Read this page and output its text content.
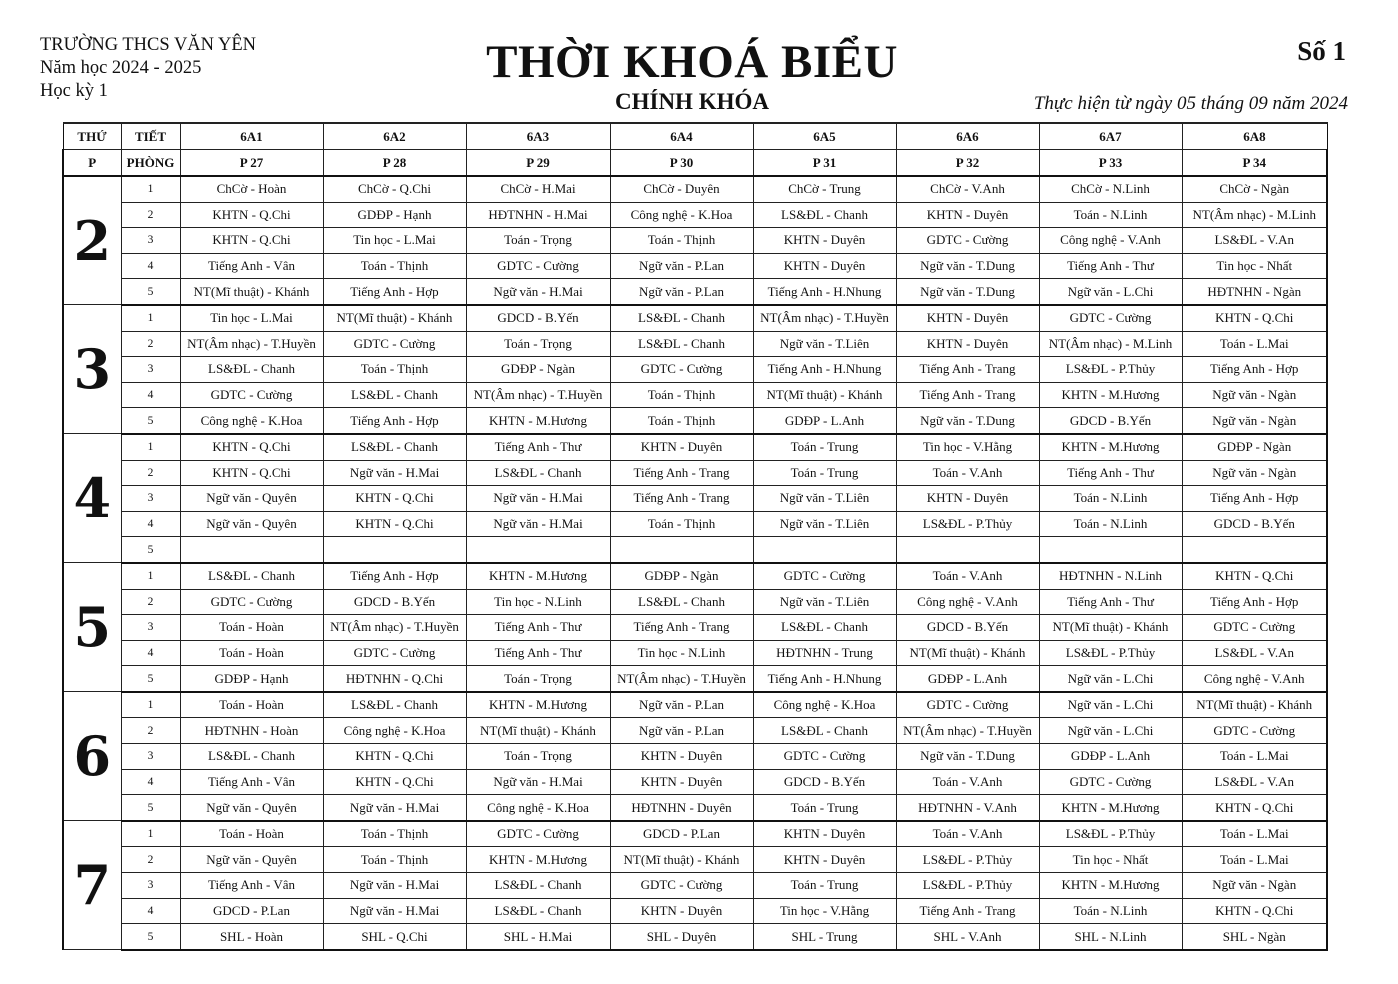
TRƯỜNG THCS VĂN YÊN
Năm học 2024 - 2025
Học kỳ 1
THỜI KHOÁ BIỂU
CHÍNH KHÓA
Số 1
Thực hiện từ ngày 05 tháng 09 năm 2024
THỨ	TIẾT	6A1	6A2	6A3	6A4	6A5	6A6	6A7	6A8
P	PHÒNG	P 27	P 28	P 29	P 30	P 31	P 32	P 33	P 34
2	1	ChCờ - Hoàn	ChCờ - Q.Chi	ChCờ - H.Mai	ChCờ - Duyên	ChCờ - Trung	ChCờ - V.Anh	ChCờ - N.Linh	ChCờ - Ngàn
	2	KHTN - Q.Chi	GDĐP - Hạnh	HĐTNHN - H.Mai	Công nghệ - K.Hoa	LS&ĐL - Chanh	KHTN - Duyên	Toán - N.Linh	NT(Âm nhạc) - M.Linh
	3	KHTN - Q.Chi	Tin học - L.Mai	Toán - Trọng	Toán - Thịnh	KHTN - Duyên	GDTC - Cường	Công nghệ - V.Anh	LS&ĐL - V.An
	4	Tiếng Anh - Vân	Toán - Thịnh	GDTC - Cường	Ngữ văn - P.Lan	KHTN - Duyên	Ngữ văn - T.Dung	Tiếng Anh - Thư	Tin học - Nhất
	5	NT(Mĩ thuật) - Khánh	Tiếng Anh - Hợp	Ngữ văn - H.Mai	Ngữ văn - P.Lan	Tiếng Anh - H.Nhung	Ngữ văn - T.Dung	Ngữ văn - L.Chi	HĐTNHN - Ngàn
3	1	Tin học - L.Mai	NT(Mĩ thuật) - Khánh	GDCD - B.Yến	LS&ĐL - Chanh	NT(Âm nhạc) - T.Huyền	KHTN - Duyên	GDTC - Cường	KHTN - Q.Chi
	2	NT(Âm nhạc) - T.Huyền	GDTC - Cường	Toán - Trọng	LS&ĐL - Chanh	Ngữ văn - T.Liên	KHTN - Duyên	NT(Âm nhạc) - M.Linh	Toán - L.Mai
	3	LS&ĐL - Chanh	Toán - Thịnh	GDĐP - Ngàn	GDTC - Cường	Tiếng Anh - H.Nhung	Tiếng Anh - Trang	LS&ĐL - P.Thủy	Tiếng Anh - Hợp
	4	GDTC - Cường	LS&ĐL - Chanh	NT(Âm nhạc) - T.Huyền	Toán - Thịnh	NT(Mĩ thuật) - Khánh	Tiếng Anh - Trang	KHTN - M.Hương	Ngữ văn - Ngàn
	5	Công nghệ - K.Hoa	Tiếng Anh - Hợp	KHTN - M.Hương	Toán - Thịnh	GDĐP - L.Anh	Ngữ văn - T.Dung	GDCD - B.Yến	Ngữ văn - Ngàn
4	1	KHTN - Q.Chi	LS&ĐL - Chanh	Tiếng Anh - Thư	KHTN - Duyên	Toán - Trung	Tin học - V.Hằng	KHTN - M.Hương	GDĐP - Ngàn
	2	KHTN - Q.Chi	Ngữ văn - H.Mai	LS&ĐL - Chanh	Tiếng Anh - Trang	Toán - Trung	Toán - V.Anh	Tiếng Anh - Thư	Ngữ văn - Ngàn
	3	Ngữ văn - Quyên	KHTN - Q.Chi	Ngữ văn - H.Mai	Tiếng Anh - Trang	Ngữ văn - T.Liên	KHTN - Duyên	Toán - N.Linh	Tiếng Anh - Hợp
	4	Ngữ văn - Quyên	KHTN - Q.Chi	Ngữ văn - H.Mai	Toán - Thịnh	Ngữ văn - T.Liên	LS&ĐL - P.Thủy	Toán - N.Linh	GDCD - B.Yến
	5								
5	1	LS&ĐL - Chanh	Tiếng Anh - Hợp	KHTN - M.Hương	GDĐP - Ngàn	GDTC - Cường	Toán - V.Anh	HĐTNHN - N.Linh	KHTN - Q.Chi
	2	GDTC - Cường	GDCD - B.Yến	Tin học - N.Linh	LS&ĐL - Chanh	Ngữ văn - T.Liên	Công nghệ - V.Anh	Tiếng Anh - Thư	Tiếng Anh - Hợp
	3	Toán - Hoàn	NT(Âm nhạc) - T.Huyền	Tiếng Anh - Thư	Tiếng Anh - Trang	LS&ĐL - Chanh	GDCD - B.Yến	NT(Mĩ thuật) - Khánh	GDTC - Cường
	4	Toán - Hoàn	GDTC - Cường	Tiếng Anh - Thư	Tin học - N.Linh	HĐTNHN - Trung	NT(Mĩ thuật) - Khánh	LS&ĐL - P.Thủy	LS&ĐL - V.An
	5	GDĐP - Hạnh	HĐTNHN - Q.Chi	Toán - Trọng	NT(Âm nhạc) - T.Huyền	Tiếng Anh - H.Nhung	GDĐP - L.Anh	Ngữ văn - L.Chi	Công nghệ - V.Anh
6	1	Toán - Hoàn	LS&ĐL - Chanh	KHTN - M.Hương	Ngữ văn - P.Lan	Công nghệ - K.Hoa	GDTC - Cường	Ngữ văn - L.Chi	NT(Mĩ thuật) - Khánh
	2	HĐTNHN - Hoàn	Công nghệ - K.Hoa	NT(Mĩ thuật) - Khánh	Ngữ văn - P.Lan	LS&ĐL - Chanh	NT(Âm nhạc) - T.Huyền	Ngữ văn - L.Chi	GDTC - Cường
	3	LS&ĐL - Chanh	KHTN - Q.Chi	Toán - Trọng	KHTN - Duyên	GDTC - Cường	Ngữ văn - T.Dung	GDĐP - L.Anh	Toán - L.Mai
	4	Tiếng Anh - Vân	KHTN - Q.Chi	Ngữ văn - H.Mai	KHTN - Duyên	GDCD - B.Yến	Toán - V.Anh	GDTC - Cường	LS&ĐL - V.An
	5	Ngữ văn - Quyên	Ngữ văn - H.Mai	Công nghệ - K.Hoa	HĐTNHN - Duyên	Toán - Trung	HĐTNHN - V.Anh	KHTN - M.Hương	KHTN - Q.Chi
7	1	Toán - Hoàn	Toán - Thịnh	GDTC - Cường	GDCD - P.Lan	KHTN - Duyên	Toán - V.Anh	LS&ĐL - P.Thủy	Toán - L.Mai
	2	Ngữ văn - Quyên	Toán - Thịnh	KHTN - M.Hương	NT(Mĩ thuật) - Khánh	KHTN - Duyên	LS&ĐL - P.Thủy	Tin học - Nhất	Toán - L.Mai
	3	Tiếng Anh - Vân	Ngữ văn - H.Mai	LS&ĐL - Chanh	GDTC - Cường	Toán - Trung	LS&ĐL - P.Thủy	KHTN - M.Hương	Ngữ văn - Ngàn
	4	GDCD - P.Lan	Ngữ văn - H.Mai	LS&ĐL - Chanh	KHTN - Duyên	Tin học - V.Hằng	Tiếng Anh - Trang	Toán - N.Linh	KHTN - Q.Chi
	5	SHL - Hoàn	SHL - Q.Chi	SHL - H.Mai	SHL - Duyên	SHL - Trung	SHL - V.Anh	SHL - N.Linh	SHL - Ngàn
